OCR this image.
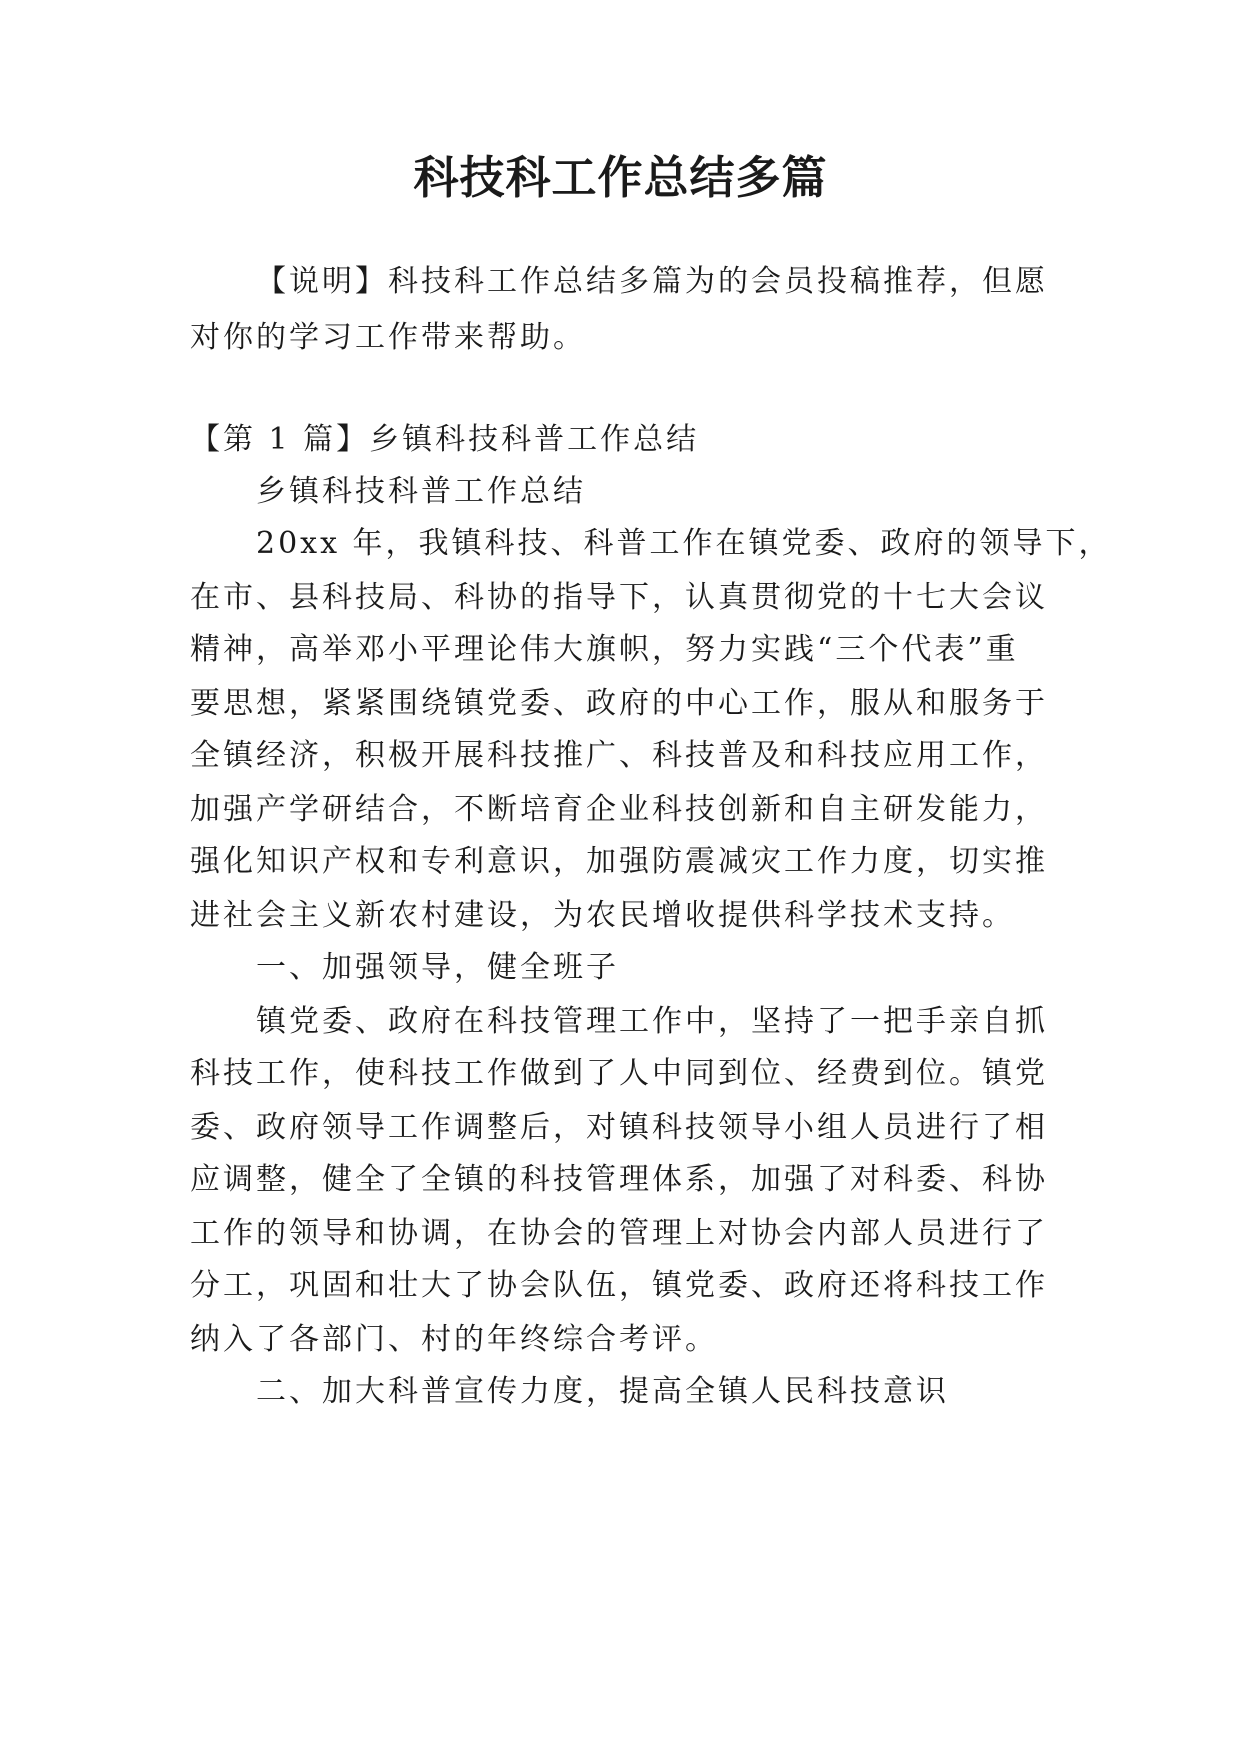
科技科工作总结多篇
【说明】科技科工作总结多篇为的会员投稿推荐，但愿
对你的学习工作带来帮助。
【第 1 篇】乡镇科技科普工作总结
乡镇科技科普工作总结
20xx 年，我镇科技、科普工作在镇党委、政府的领导下，
在市、县科技局、科协的指导下，认真贯彻党的十七大会议
精神，高举邓小平理论伟大旗帜，努力实践“三个代表”重
要思想，紧紧围绕镇党委、政府的中心工作，服从和服务于
全镇经济，积极开展科技推广、科技普及和科技应用工作，
加强产学研结合，不断培育企业科技创新和自主研发能力，
强化知识产权和专利意识，加强防震减灾工作力度，切实推
进社会主义新农村建设，为农民增收提供科学技术支持。
一、加强领导，健全班子
镇党委、政府在科技管理工作中，坚持了一把手亲自抓
科技工作，使科技工作做到了人中同到位、经费到位。镇党
委、政府领导工作调整后，对镇科技领导小组人员进行了相
应调整，健全了全镇的科技管理体系，加强了对科委、科协
工作的领导和协调，在协会的管理上对协会内部人员进行了
分工，巩固和壮大了协会队伍，镇党委、政府还将科技工作
纳入了各部门、村的年终综合考评。
二、加大科普宣传力度，提高全镇人民科技意识
